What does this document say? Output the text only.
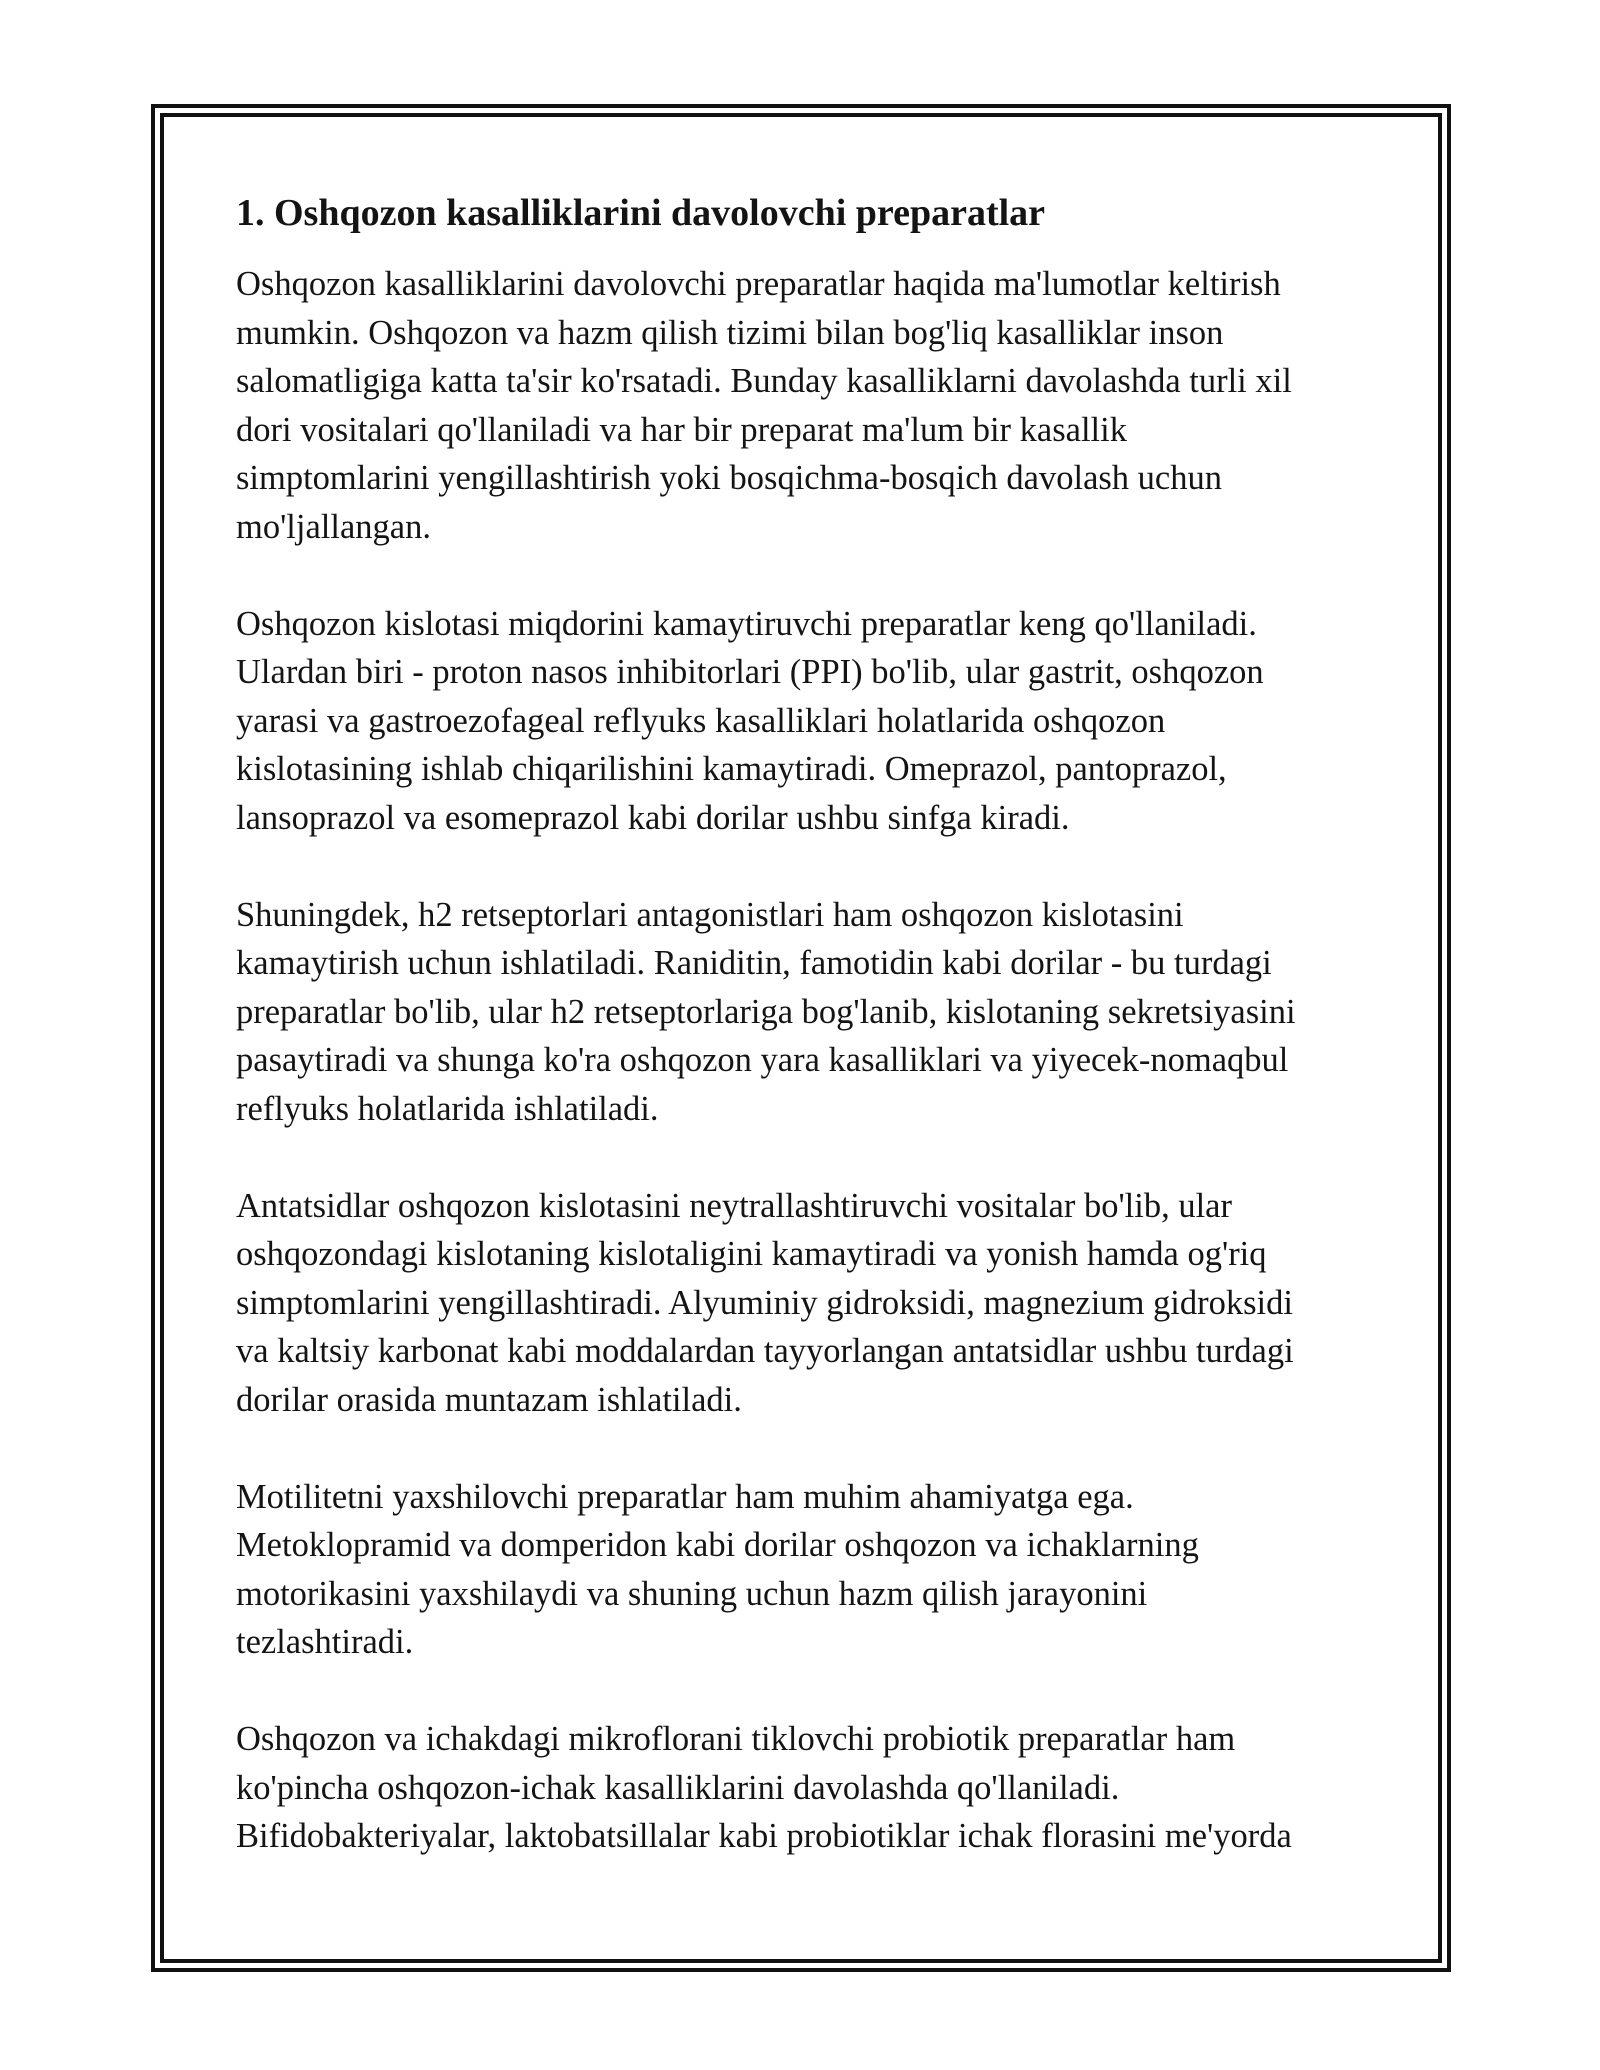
1. Oshqozon kasalliklarini davolovchi preparatlar
Oshqozon kasalliklarini davolovchi preparatlar haqida ma'lumotlar keltirish
mumkin. Oshqozon va hazm qilish tizimi bilan bog'liq kasalliklar inson
salomatligiga katta ta'sir ko'rsatadi. Bunday kasalliklarni davolashda turli xil
dori vositalari qo'llaniladi va har bir preparat ma'lum bir kasallik
simptomlarini yengillashtirish yoki bosqichma-bosqich davolash uchun
mo'ljallangan.
Oshqozon kislotasi miqdorini kamaytiruvchi preparatlar keng qo'llaniladi.
Ulardan biri - proton nasos inhibitorlari (PPI) bo'lib, ular gastrit, oshqozon
yarasi va gastroezofageal reflyuks kasalliklari holatlarida oshqozon
kislotasining ishlab chiqarilishini kamaytiradi. Omeprazol, pantoprazol,
lansoprazol va esomeprazol kabi dorilar ushbu sinfga kiradi.
Shuningdek, h2 retseptorlari antagonistlari ham oshqozon kislotasini
kamaytirish uchun ishlatiladi. Raniditin, famotidin kabi dorilar - bu turdagi
preparatlar bo'lib, ular h2 retseptorlariga bog'lanib, kislotaning sekretsiyasini
pasaytiradi va shunga ko'ra oshqozon yara kasalliklari va yiyecek-nomaqbul
reflyuks holatlarida ishlatiladi.
Antatsidlar oshqozon kislotasini neytrallashtiruvchi vositalar bo'lib, ular
oshqozondagi kislotaning kislotaligini kamaytiradi va yonish hamda og'riq
simptomlarini yengillashtiradi. Alyuminiy gidroksidi, magnezium gidroksidi
va kaltsiy karbonat kabi moddalardan tayyorlangan antatsidlar ushbu turdagi
dorilar orasida muntazam ishlatiladi.
Motilitetni yaxshilovchi preparatlar ham muhim ahamiyatga ega.
Metoklopramid va domperidon kabi dorilar oshqozon va ichaklarning
motorikasini yaxshilaydi va shuning uchun hazm qilish jarayonini
tezlashtiradi.
Oshqozon va ichakdagi mikroflorani tiklovchi probiotik preparatlar ham
ko'pincha oshqozon-ichak kasalliklarini davolashda qo'llaniladi.
Bifidobakteriyalar, laktobatsillalar kabi probiotiklar ichak florasini me'yorda
